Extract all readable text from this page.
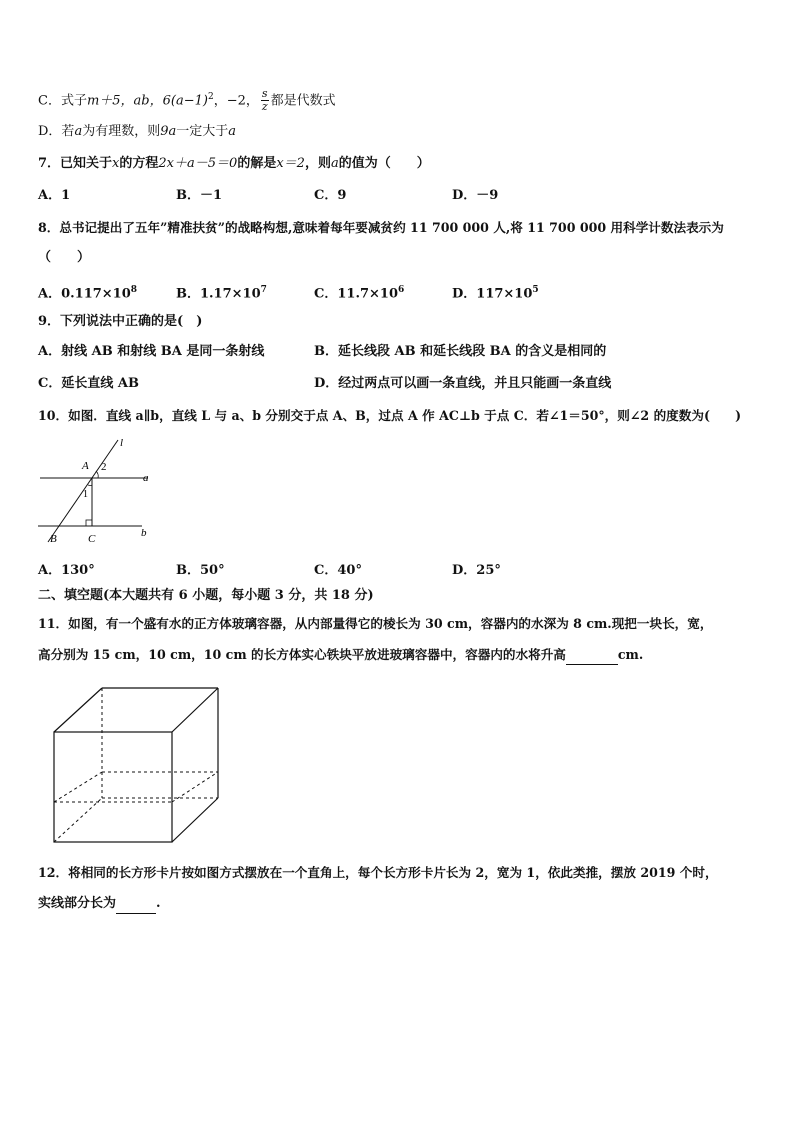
C．式子m＋5，ab，$6(a-1)^2$，−2， $\frac{s}{z}$ 都是代数式
D．若a为有理数，则9a一定大于a
7．已知关于x的方程2x＋a－5＝0的解是x＝2，则a的值为（　　）
A．1	B．－1	C．9	D．－9
8．总书记提出了五年”精准扶贫”的战略构想,意味着每年要减贫约 11 700 000 人,将 11 700 000 用科学计数法表示为
（　　）
A．$0.117\times 10^8$	B．$1.17\times 10^7$	C．$11.7\times 10^6$	D．$117\times 10^5$
9．下列说法中正确的是(　)
A．射线 AB 和射线 BA 是同一条射线	B．延长线段 AB 和延长线段 BA 的含义是相同的
C．延长直线 AB	D．经过两点可以画一条直线，并且只能画一条直线
10．如图．直线 a∥b，直线 L 与 a、b 分别交于点 A、B，过点 A 作 AC⊥b 于点 C．若∠1＝50°，则∠2 的度数为(　　)
l
A 2
a
1
B	C	b
A．130°	B．50°	C．40°	D．25°
二、填空题(本大题共有 6 小题，每小题 3 分，共 18 分)
11．如图，有一个盛有水的正方体玻璃容器，从内部量得它的棱长为 30 cm，容器内的水深为 8 cm.现把一块长，宽，
高分别为 15 cm，10 cm，10 cm 的长方体实心铁块平放进玻璃容器中，容器内的水将升高	cm.
12．将相同的长方形卡片按如图方式摆放在一个直角上，每个长方形卡片长为 2，宽为 1，依此类推，摆放 2019 个时，
实线部分长为	.
